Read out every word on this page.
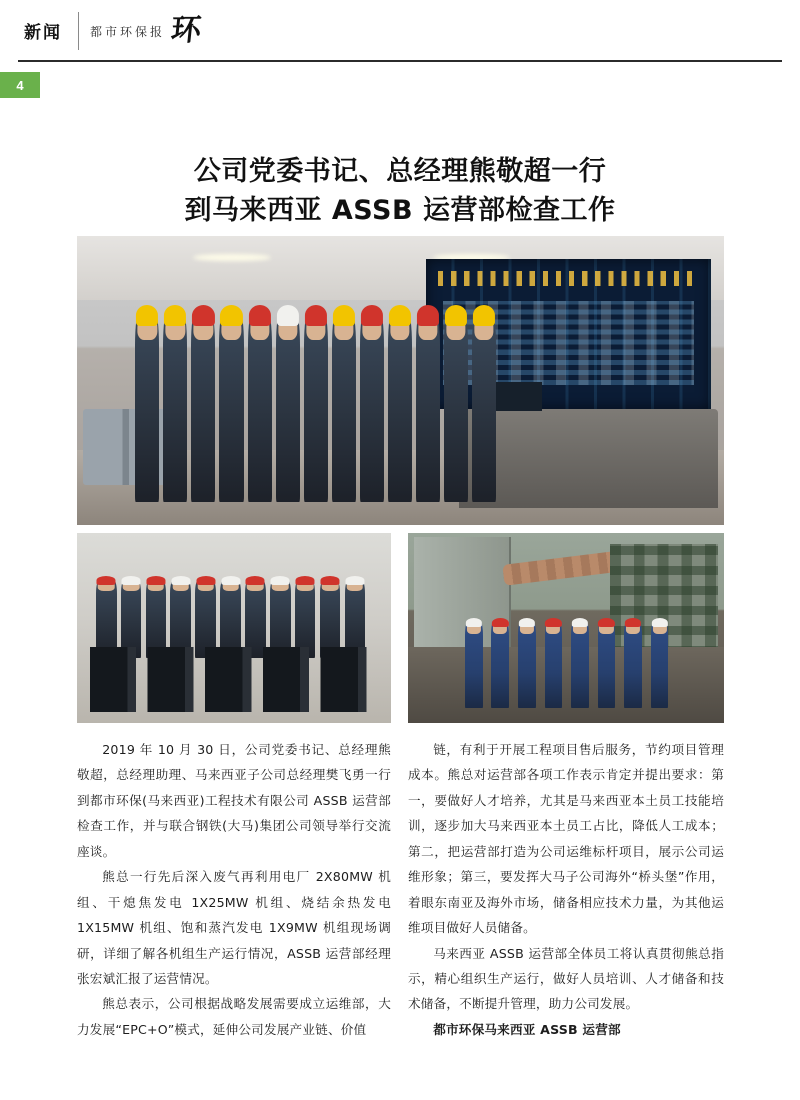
新闻 都市环保报 环
4
公司党委书记、总经理熊敬超一行
到马来西亚 ASSB 运营部检查工作

2019 年 10 月 30 日，公司党委书记、总经理熊敬超，总经理助理、马来西亚子公司总经理樊飞勇一行到都市环保(马来西亚)工程技术有限公司 ASSB 运营部检查工作，并与联合钢铁(大马)集团公司领导举行交流座谈。

熊总一行先后深入废气再利用电厂 2X80MW 机组、干熄焦发电 1X25MW 机组、烧结余热发电 1X15MW 机组、饱和蒸汽发电 1X9MW 机组现场调研，详细了解各机组生产运行情况，ASSB 运营部经理张宏斌汇报了运营情况。

熊总表示，公司根据战略发展需要成立运维部，大力发展“EPC+O”模式，延伸公司发展产业链、价值

链，有利于开展工程项目售后服务，节约项目管理成本。熊总对运营部各项工作表示肯定并提出要求：第一，要做好人才培养，尤其是马来西亚本土员工技能培训，逐步加大马来西亚本土员工占比，降低人工成本；第二，把运营部打造为公司运维标杆项目，展示公司运维形象；第三，要发挥大马子公司海外“桥头堡”作用，着眼东南亚及海外市场，储备相应技术力量，为其他运维项目做好人员储备。

马来西亚 ASSB 运营部全体员工将认真贯彻熊总指示，精心组织生产运行，做好人员培训、人才储备和技术储备，不断提升管理，助力公司发展。

都市环保马来西亚 ASSB 运营部
